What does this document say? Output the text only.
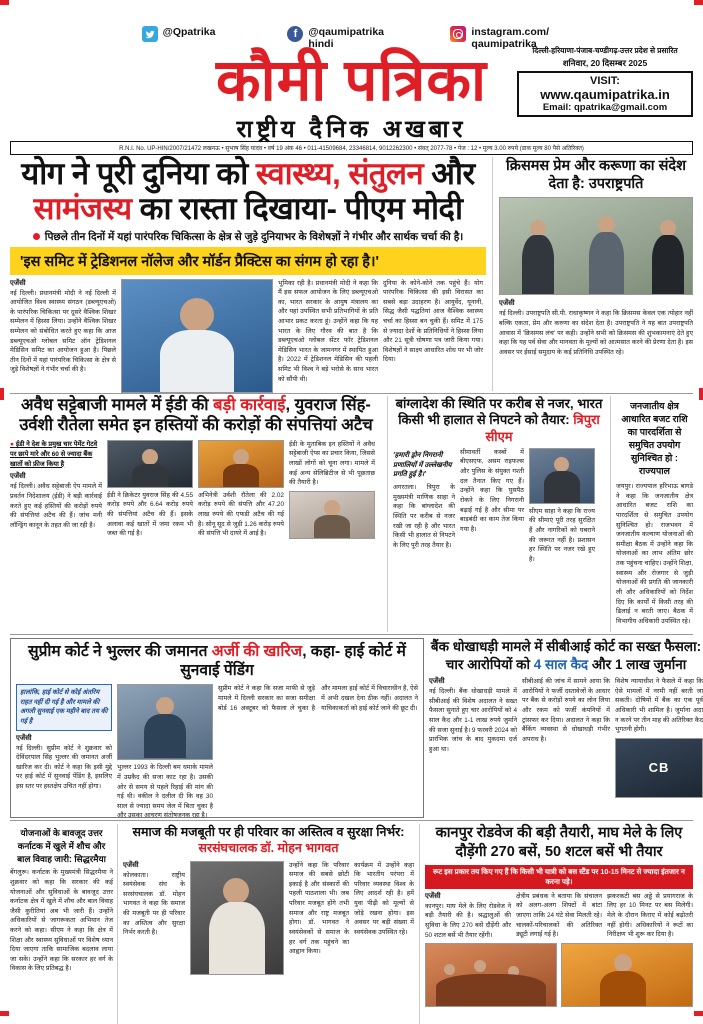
@Qpatrika	f	@qaumipatrika hindi
instagram.com/ qaumipatrika
कौमी पत्रिका
राष्ट्रीय दैनिक अखबार
दिल्ली-हरियाणा-पंजाब-चण्डीगढ़-उत्तर प्रदेश से प्रसारित
शनिवार, 20 दिसम्बर 2025
VISIT:
www.qaumipatrika.in
Email: qpatrika@gmail.com
R.N.I. No. UP-HIN/2007/21472 लखनऊ • सुभाष सिंह यादव • वर्ष 19 अंक 46 • 011-41509684, 23346814, 9012262300 • संवत् 2077-78 • पेज : 12 • मूल्य 3.00 रुपये (डाक मूल्य 80 पैसे अतिरिक्त)
योग ने पूरी दुनिया को स्वास्थ्य, संतुलन और सामंजस्य का रास्ता दिखाया- पीएम मोदी
पिछले तीन दिनों में यहां पारंपरिक चिकित्सा के क्षेत्र से जुड़े दुनियाभर के विशेषज्ञों ने गंभीर और सार्थक चर्चा की है।
'इस समिट में ट्रेडिशनल नॉलेज और मॉर्डन प्रैक्टिस का संगम हो रहा है।'
एजेंसी
नई दिल्ली। प्रधानमंत्री मोदी ने नई दिल्ली में आयोजित विश्व स्वास्थ्य संगठन (डब्ल्यूएचओ) के पारंपरिक चिकित्सा पर दूसरे वैश्विक शिखर सम्मेलन में हिस्सा लिया। उन्होंने वैश्विक शिखर सम्मेलन को संबोधित करते हुए कहा कि आज डब्ल्यूएचओ ग्लोबल समिट ऑन ट्रेडिशनल मेडिसिन समिट का आयोजन हुआ है। पिछले तीन दिनों में यहां पारंपरिक चिकित्सा के क्षेत्र से जुड़े विशेषज्ञों ने गंभीर चर्चा की है।
भूमिका रही है। प्रधानमंत्री मोदी ने कहा कि मैं इस सफल आयोजन के लिए डब्ल्यूएचओ का, भारत सरकार के आयुष मंत्रालय का और यहां उपस्थित सभी प्रतिभागियों के प्रति आभार प्रकट करता हूं। उन्होंने कहा कि यह भारत के लिए गौरव की बात है कि डब्ल्यूएचओ ग्लोबल सेंटर फॉर ट्रेडिशनल मेडिसिन भारत के जामनगर में स्थापित हुआ है। 2022 में ट्रेडिशनल मेडिसिन की पहली समिट भी विश्व ने बड़े भरोसे के साथ भारत को सौंपी थी।
दुनिया के कोने-कोने तक पहुंचे हैं। योग पारंपरिक चिकित्सा की इसी विरासत का सबसे बड़ा उदाहरण है। आयुर्वेद, यूनानी, सिद्ध जैसी पद्धतियां आज वैश्विक स्वास्थ्य चर्चा का हिस्सा बन चुकी हैं। समिट में 175 से ज्यादा देशों के प्रतिनिधियों ने हिस्सा लिया और 21 सूत्री घोषणा पत्र जारी किया गया। विशेषज्ञों ने साक्ष्य आधारित शोध पर भी जोर दिया।
क्रिसमस प्रेम और करूणा का संदेश देता है: उपराष्ट्रपति
एजेंसी
नई दिल्ली। उपराष्ट्रपति सी.पी. राधाकृष्णन ने कहा कि क्रिसमस केवल एक त्योहार नहीं बल्कि एकता, प्रेम और करुणा का संदेश देता है। उपराष्ट्रपति ने यह बात उपराष्ट्रपति आवास में 'क्रिसमस लंच' पर कही। उन्होंने सभी को क्रिसमस की शुभकामनाएं देते हुए कहा कि यह पर्व सेवा और मानवता के मूल्यों को आत्मसात करने की प्रेरणा देता है। इस अवसर पर ईसाई समुदाय के कई प्रतिनिधि उपस्थित रहे।
अवैध सट्टेबाजी मामले में ईडी की बड़ी कार्रवाई, युवराज सिंह- उर्वशी रौतेला समेत इन हस्तियों की करोड़ों की संपत्तियां अटैच
● ईडी ने देश के प्रमुख चार पेमेंट गेटवे पर छापे मारे और 60 से ज्यादा बैंक खातों को फ्रीज किया है
एजेंसी
नई दिल्ली। अवैध सट्टेबाजी ऐप मामले में प्रवर्तन निदेशालय (ईडी) ने बड़ी कार्रवाई करते हुए कई हस्तियों की करोड़ों रुपये की संपत्तियां अटैच की हैं। जांच मनी लॉन्ड्रिंग कानून के तहत की जा रही है।
ईडी ने क्रिकेटर युवराज सिंह की 4.55 करोड़ रुपये और 6.64 करोड़ रुपये की संपत्तियां अटैच की हैं। इसके अलावा कई खातों में जमा रकम भी जब्त की गई है।
अभिनेत्री उर्वशी रौतेला की 2.02 करोड़ रुपये की संपत्ति और 47.20 लाख रुपये की एफडी अटैच की गई है। सोनू सूद से जुड़ी 1.26 करोड़ रुपये की संपत्ति भी दायरे में आई है।
ईडी के मुताबिक इन हस्तियों ने अवैध सट्टेबाजी ऐप्स का प्रचार किया, जिससे लाखों लोगों को चूना लगा। मामले में कई अन्य सेलिब्रिटीज से भी पूछताछ की तैयारी है।
बांग्लादेश की स्थिति पर करीब से नजर, भारत किसी भी हालात से निपटने को तैयार: त्रिपुरा सीएम
'हमारी ड्रोन निगरानी प्रणालियों में उल्लेखनीय प्रगति हुई है।'
अगरतला। त्रिपुरा के मुख्यमंत्री माणिक साहा ने कहा कि बांग्लादेश की स्थिति पर करीब से नजर रखी जा रही है और भारत किसी भी हालात से निपटने के लिए पूरी तरह तैयार है।
सीमावर्ती कस्बों में बीएसएफ, असम राइफल्स और पुलिस के संयुक्त गश्ती दल तैनात किए गए हैं। उन्होंने कहा कि घुसपैठ रोकने के लिए निगरानी बढ़ाई गई है और सीमा पर बाड़बंदी का काम तेज किया गया है।
सीएम साहा ने कहा कि राज्य की सीमाएं पूरी तरह सुरक्षित हैं और नागरिकों को घबराने की जरूरत नहीं है। प्रशासन हर स्थिति पर नजर रखे हुए है।
जनजातीय क्षेत्र आधारित बजट राशि का पारदर्शिता से समुचित उपयोग सुनिश्चित हो : राज्यपाल
जयपुर। राज्यपाल हरिभाऊ बागडे ने कहा कि जनजातीय क्षेत्र आधारित बजट राशि का पारदर्शिता से समुचित उपयोग सुनिश्चित हो। राजभवन में जनजातीय कल्याण योजनाओं की समीक्षा बैठक में उन्होंने कहा कि योजनाओं का लाभ अंतिम छोर तक पहुंचना चाहिए। उन्होंने शिक्षा, स्वास्थ्य और रोजगार से जुड़ी योजनाओं की प्रगति की जानकारी ली और अधिकारियों को निर्देश दिए कि कार्यों में किसी तरह की ढिलाई न बरती जाए। बैठक में विभागीय अधिकारी उपस्थित रहे।
सुप्रीम कोर्ट ने भुल्लर की जमानत अर्जी की खारिज, कहा- हाई कोर्ट में सुनवाई पेंडिंग
हालांकि, हाई कोर्ट से कोई अंतरिम राहत नहीं दी गई है और मामले की अगली सुनवाई एक महीने बाद तय की गई है
एजेंसी
नई दिल्ली। सुप्रीम कोर्ट ने शुक्रवार को देविंदरपाल सिंह भुल्लर की जमानत अर्जी खारिज कर दी। कोर्ट ने कहा कि इसी मुद्दे पर हाई कोर्ट में सुनवाई पेंडिंग है, इसलिए इस स्तर पर हस्तक्षेप उचित नहीं होगा।
भुल्लर 1993 के दिल्ली बम धमाके मामले में उम्रकैद की सजा काट रहा है। उसकी ओर से समय से पहले रिहाई की मांग की गई थी। वकील ने दलील दी कि वह 30 साल से ज्यादा समय जेल में बिता चुका है और उसका आचरण संतोषजनक रहा है।
सुप्रीम कोर्ट ने कहा कि सजा माफी से जुड़े मामले में दिल्ली सरकार का सजा समीक्षा बोर्ड 16 अक्टूबर को फैसला ले चुका है और मामला हाई कोर्ट में विचाराधीन है, ऐसे में अभी दखल देना ठीक नहीं। अदालत ने याचिकाकर्ता को हाई कोर्ट जाने की छूट दी।
बैंक धोखाधड़ी मामले में सीबीआई कोर्ट का सख्त फैसला: चार आरोपियों को 4 साल कैद और 1 लाख जुर्माना
एजेंसी
नई दिल्ली। बैंक धोखाधड़ी मामले में सीबीआई की विशेष अदालत ने सख्त फैसला सुनाते हुए चार आरोपियों को 4 साल कैद और 1-1 लाख रुपये जुर्माने की सजा सुनाई है। 9 फरवरी 2024 को प्रारंभिक जांच के बाद मुकदमा दर्ज हुआ था।
सीबीआई की जांच में सामने आया कि आरोपियों ने फर्जी दस्तावेजों के आधार पर बैंक से करोड़ों रुपये का लोन लिया और रकम को फर्जी कंपनियों में ट्रांसफर कर दिया। अदालत ने कहा कि बैंकिंग व्यवस्था से धोखाधड़ी गंभीर अपराध है।
विशेष न्यायाधीश ने फैसले में कहा कि ऐसे मामलों में नरमी नहीं बरती जा सकती। दोषियों में बैंक का एक पूर्व अधिकारी भी शामिल है। जुर्माना अदा न करने पर तीन माह की अतिरिक्त कैद भुगतनी होगी।
CB
योजनाओं के बावजूद उत्तर कर्नाटक में खुले में शौच और बाल विवाह जारी: सिद्धरमैया
बेंगलुरू। कर्नाटक के मुख्यमंत्री सिद्धरमैया ने शुक्रवार को कहा कि सरकार की कई योजनाओं और सुविधाओं के बावजूद उत्तर कर्नाटक क्षेत्र में खुले में शौच और बाल विवाह जैसी कुरीतियां अब भी जारी हैं। उन्होंने अधिकारियों से जागरूकता अभियान तेज करने को कहा। सीएम ने कहा कि क्षेत्र में शिक्षा और स्वास्थ्य सुविधाओं पर विशेष ध्यान दिया जाएगा ताकि सामाजिक बदलाव लाया जा सके। उन्होंने कहा कि सरकार हर वर्ग के विकास के लिए प्रतिबद्ध है।
समाज की मजबूती पर ही परिवार का अस्तित्व व सुरक्षा निर्भर: सरसंघचालक डॉ. मोहन भागवत
एजेंसी
कोलकाता। राष्ट्रीय स्वयंसेवक संघ के सरसंघचालक डॉ. मोहन भागवत ने कहा कि समाज की मजबूती पर ही परिवार का अस्तित्व और सुरक्षा निर्भर करती है।
उन्होंने कहा कि परिवार समाज की सबसे छोटी इकाई है और संस्कारों की पहली पाठशाला भी। जब परिवार मजबूत होंगे तभी समाज और राष्ट्र मजबूत होगा। डॉ. भागवत ने स्वयंसेवकों से समाज के हर वर्ग तक पहुंचने का आह्वान किया।
कार्यक्रम में उन्होंने कहा कि भारतीय परंपरा में परिवार व्यवस्था विश्व के लिए आदर्श रही है। हमें युवा पीढ़ी को मूल्यों से जोड़े रखना होगा। इस अवसर पर बड़ी संख्या में स्वयंसेवक उपस्थित रहे।
कानपुर रोडवेज की बड़ी तैयारी, माघ मेले के लिए दौड़ेंगी 270 बसें, 50 शटल बसें भी तैयार
रूट इस प्रकार तय किए गए हैं कि किसी भी यात्री को बस स्टैंड पर 10-15 मिनट से ज्यादा इंतजार न करना पड़े।
एजेंसी
कानपुर। माघ मेले के लिए रोडवेज ने बड़ी तैयारी की है। श्रद्धालुओं की सुविधा के लिए 270 बसें दौड़ेंगी और 50 शटल बसें भी तैयार रहेंगी।
क्षेत्रीय प्रबंधक ने बताया कि संचालन को अलग-अलग शिफ्टों में बांटा जाएगा ताकि 24 घंटे सेवा मिलती रहे। चालकों-परिचालकों की अतिरिक्त ड्यूटी लगाई गई है।
झकरकटी बस अड्डे से प्रयागराज के लिए हर 10 मिनट पर बस मिलेगी। मेले के दौरान किराए में कोई बढ़ोतरी नहीं होगी। अधिकारियों ने रूटों का निरीक्षण भी शुरू कर दिया है।
